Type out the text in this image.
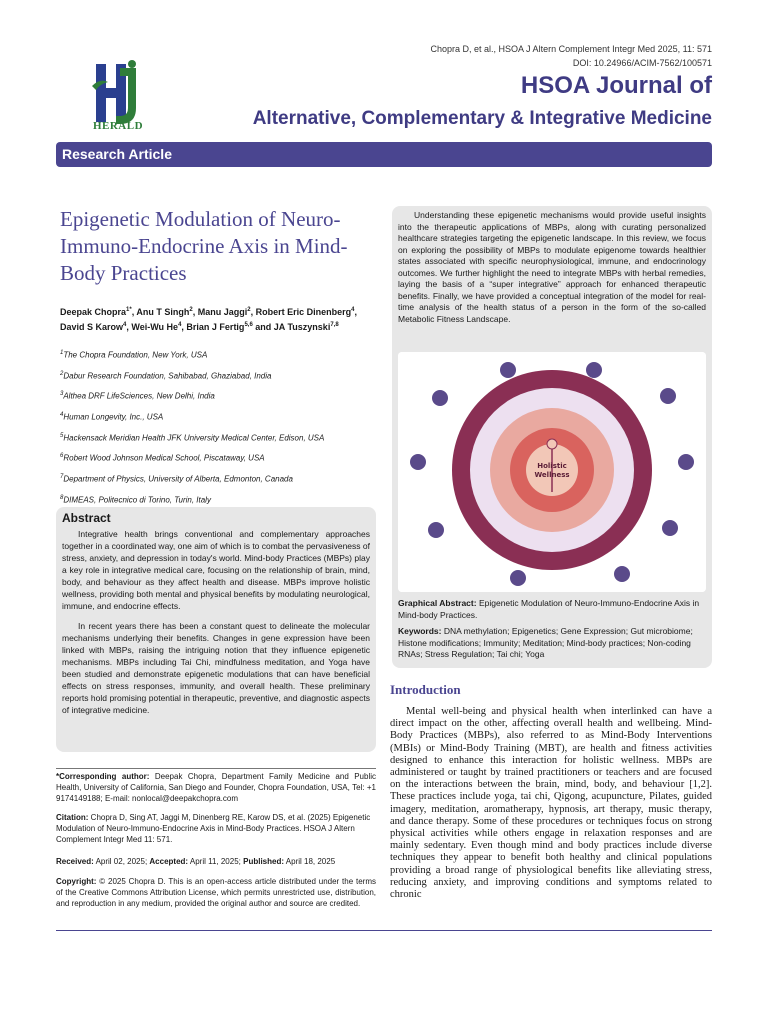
Chopra D, et al., HSOA J Altern Complement Integr Med 2025, 11: 571
DOI: 10.24966/ACIM-7562/100571
HERALD
HSOA Journal of
Alternative, Complementary & Integrative Medicine
Research Article
Epigenetic Modulation of Neuro-Immuno-Endocrine Axis in Mind-Body Practices
Deepak Chopra$^{1*}$, Anu T Singh$^2$, Manu Jaggi$^2$, Robert Eric Dinenberg$^4$, David S Karow$^4$, Wei-Wu He$^4$, Brian J Fertig$^{5,6}$ and JA Tuszynski$^{7,8}$
$^1$The Chopra Foundation, New York, USA
$^2$Dabur Research Foundation, Sahibabad, Ghaziabad, India
$^3$Althea DRF LifeSciences, New Delhi, India
$^4$Human Longevity, Inc., USA
$^5$Hackensack Meridian Health JFK University Medical Center, Edison, USA
$^6$Robert Wood Johnson Medical School, Piscataway, USA
$^7$Department of Physics, University of Alberta, Edmonton, Canada
$^8$DIMEAS, Politecnico di Torino, Turin, Italy
Abstract

Integrative health brings conventional and complementary approaches together in a coordinated way, one aim of which is to combat the pervasiveness of stress, anxiety, and depression in today's world. Mind-body Practices (MBPs) play a key role in integrative medical care, focusing on the relationship of brain, mind, body, and behaviour as they affect health and disease. MBPs improve holistic wellness, providing both mental and physical benefits by modulating neurological, immune, and endocrine effects.

In recent years there has been a constant quest to delineate the molecular mechanisms underlying their benefits. Changes in gene expression have been linked with MBPs, raising the intriguing notion that they influence epigenetic mechanisms. MBPs including Tai Chi, mindfulness meditation, and Yoga have been studied and demonstrate epigenetic modulations that can have beneficial effects on stress responses, immunity, and overall health. These preliminary reports hold promising potential in therapeutic, preventive, and diagnostic aspects of integrative medicine.

*Corresponding author: Deepak Chopra, Department Family Medicine and Public Health, University of California, San Diego and Founder, Chopra Foundation, USA, Tel: +1 9174149188; E-mail: nonlocal@deepakchopra.com
Citation: Chopra D, Sing AT, Jaggi M, Dinenberg RE, Karow DS, et al. (2025) Epigenetic Modulation of Neuro-Immuno-Endocrine Axis in Mind-Body Practices. HSOA J Altern Complement Integr Med 11: 571.
Received: April 02, 2025; Accepted: April 11, 2025; Published: April 18, 2025
Copyright: © 2025 Chopra D. This is an open-access article distributed under the terms of the Creative Commons Attribution License, which permits unrestricted use, distribution, and reproduction in any medium, provided the original author and source are credited.
Understanding these epigenetic mechanisms would provide useful insights into the therapeutic applications of MBPs, along with curating personalized healthcare strategies targeting the epigenetic landscape. In this review, we focus on exploring the possibility of MBPs to modulate epigenome towards healthier states associated with specific neurophysiological, immune, and endocrinology outcomes. We further highlight the need to integrate MBPs with herbal remedies, laying the basis of a “super integrative” approach for enhanced therapeutic benefits. Finally, we have provided a conceptual integration of the model for real-time analysis of the health status of a person in the form of the so-called Metabolic Fitness Landscape.
Holistic
Wellness
Graphical Abstract: Epigenetic Modulation of Neuro-Immuno-Endocrine Axis in Mind-body Practices.
Keywords: DNA methylation; Epigenetics; Gene Expression; Gut microbiome; Histone modifications; Immunity; Meditation; Mind-body practices; Non-coding RNAs; Stress Regulation; Tai chi; Yoga
Introduction
Mental well-being and physical health when interlinked can have a direct impact on the other, affecting overall health and wellbeing. Mind-Body Practices (MBPs), also referred to as Mind-Body Interventions (MBIs) or Mind-Body Training (MBT), are health and fitness activities designed to enhance this interaction for holistic wellness. MBPs are administered or taught by trained practitioners or teachers and are focused on the interactions between the brain, mind, body, and behaviour [1,2]. These practices include yoga, tai chi, Qigong, acupuncture, Pilates, guided imagery, meditation, aromatherapy, hypnosis, art therapy, music therapy, and dance therapy. Some of these procedures or techniques focus on strong physical activities while others engage in relaxation responses and are mainly sedentary. Even though mind and body practices include diverse techniques they appear to benefit both healthy and clinical populations providing a broad range of physiological benefits like alleviating stress, reducing anxiety, and improving conditions and symptoms related to chronic
